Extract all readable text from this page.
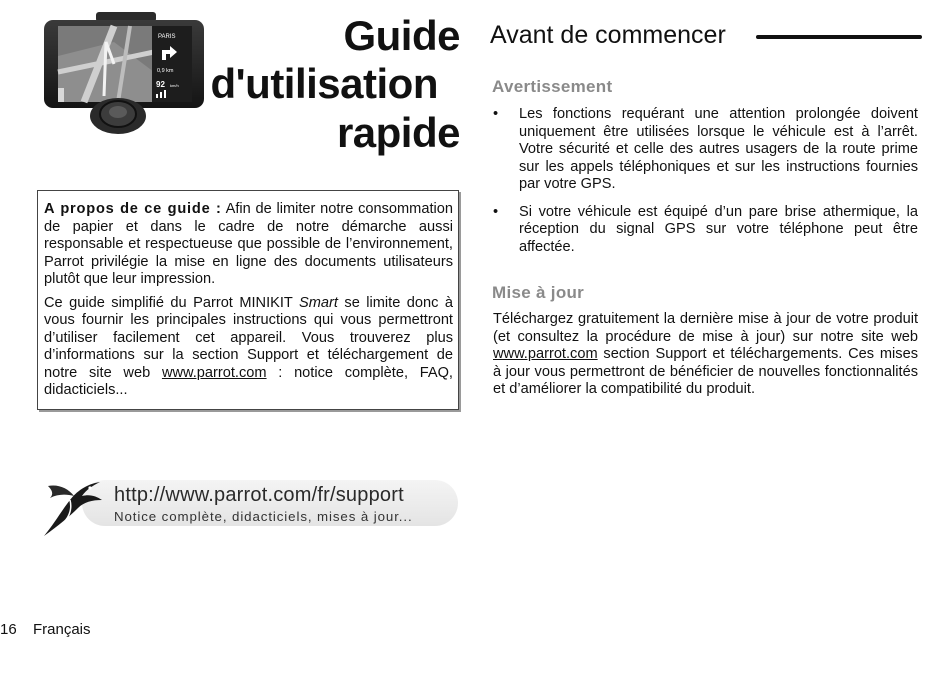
PARIS
0,9 km
92 km/h
Guide
d'utilisation
rapide

A propos de ce guide : Afin de limiter notre consommation de papier et dans le cadre de notre démarche aussi responsable et respectueuse que possible de l’environnement, Parrot privilégie la mise en ligne des documents utilisateurs plutôt que leur impression.

Ce guide simplifié du Parrot MINIKIT Smart se limite donc à vous fournir les principales instructions qui vous permettront d’utiliser facilement cet appareil. Vous trouverez plus d’informations sur la section Support et téléchargement de notre site web www.parrot.com : notice complète, FAQ, didacticiels...

http://www.parrot.com/fr/support
Notice complète, didacticiels, mises à jour...
16 Français
Avant de commencer
Avertissement
• Les fonctions requérant une attention prolongée doivent uniquement être utilisées lorsque le véhicule est à l’arrêt. Votre sécurité et celle des autres usagers de la route prime sur les appels téléphoniques et sur les instructions fournies par votre GPS.
• Si votre véhicule est équipé d’un pare brise athermique, la réception du signal GPS sur votre téléphone peut être affectée.
Mise à jour

Téléchargez gratuitement la dernière mise à jour de votre produit (et consultez la procédure de mise à jour) sur notre site web www.parrot.com section Support et téléchargements. Ces mises à jour vous permettront de bénéficier de nouvelles fonctionnalités et d’améliorer la compatibilité du produit.
